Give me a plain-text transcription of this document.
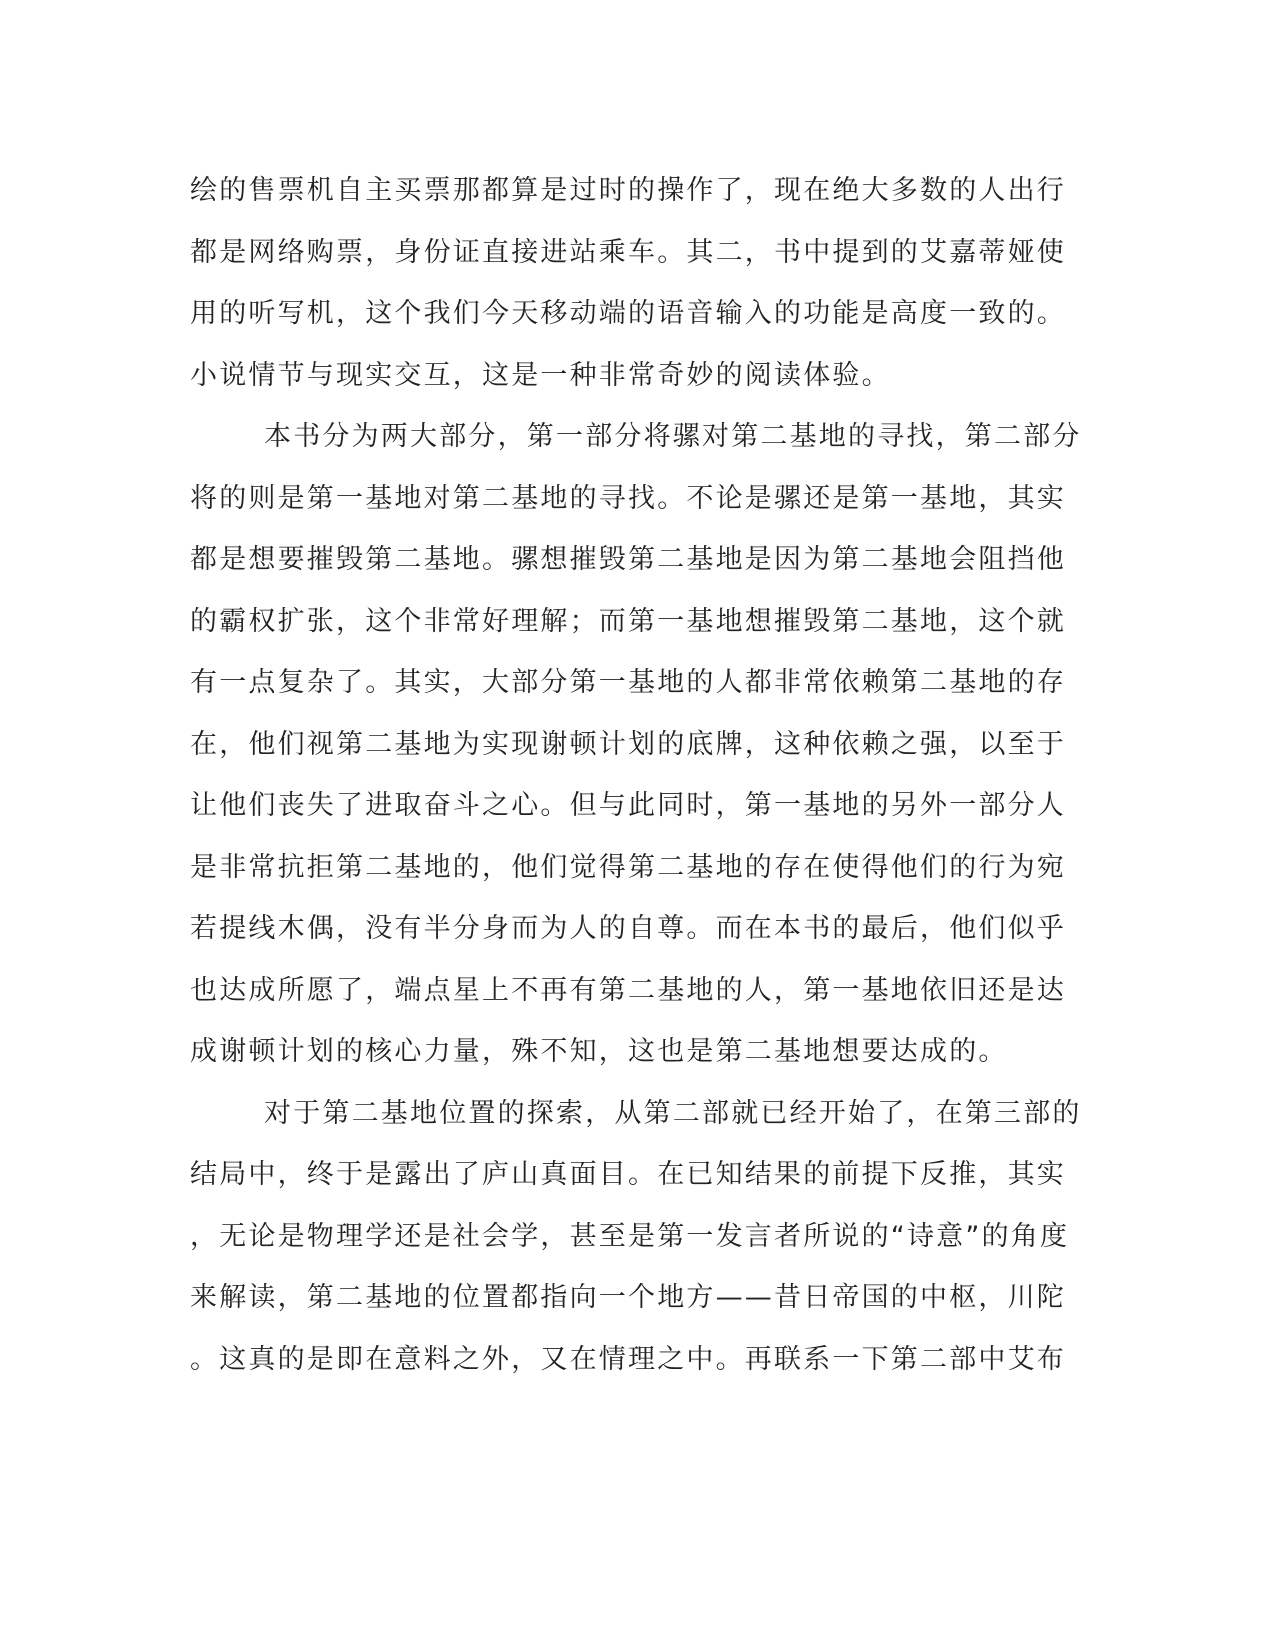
绘的售票机自主买票那都算是过时的操作了，现在绝大多数的人出行
都是网络购票，身份证直接进站乘车。其二，书中提到的艾嘉蒂娅使
用的听写机，这个我们今天移动端的语音输入的功能是高度一致的。
小说情节与现实交互，这是一种非常奇妙的阅读体验。
本书分为两大部分，第一部分将骡对第二基地的寻找，第二部分
将的则是第一基地对第二基地的寻找。不论是骡还是第一基地，其实
都是想要摧毁第二基地。骡想摧毁第二基地是因为第二基地会阻挡他
的霸权扩张，这个非常好理解；而第一基地想摧毁第二基地，这个就
有一点复杂了。其实，大部分第一基地的人都非常依赖第二基地的存
在，他们视第二基地为实现谢顿计划的底牌，这种依赖之强，以至于
让他们丧失了进取奋斗之心。但与此同时，第一基地的另外一部分人
是非常抗拒第二基地的，他们觉得第二基地的存在使得他们的行为宛
若提线木偶，没有半分身而为人的自尊。而在本书的最后，他们似乎
也达成所愿了，端点星上不再有第二基地的人，第一基地依旧还是达
成谢顿计划的核心力量，殊不知，这也是第二基地想要达成的。
对于第二基地位置的探索，从第二部就已经开始了，在第三部的
结局中，终于是露出了庐山真面目。在已知结果的前提下反推，其实
，无论是物理学还是社会学，甚至是第一发言者所说的“诗意”的角度
来解读，第二基地的位置都指向一个地方——昔日帝国的中枢，川陀
。这真的是即在意料之外，又在情理之中。再联系一下第二部中艾布
